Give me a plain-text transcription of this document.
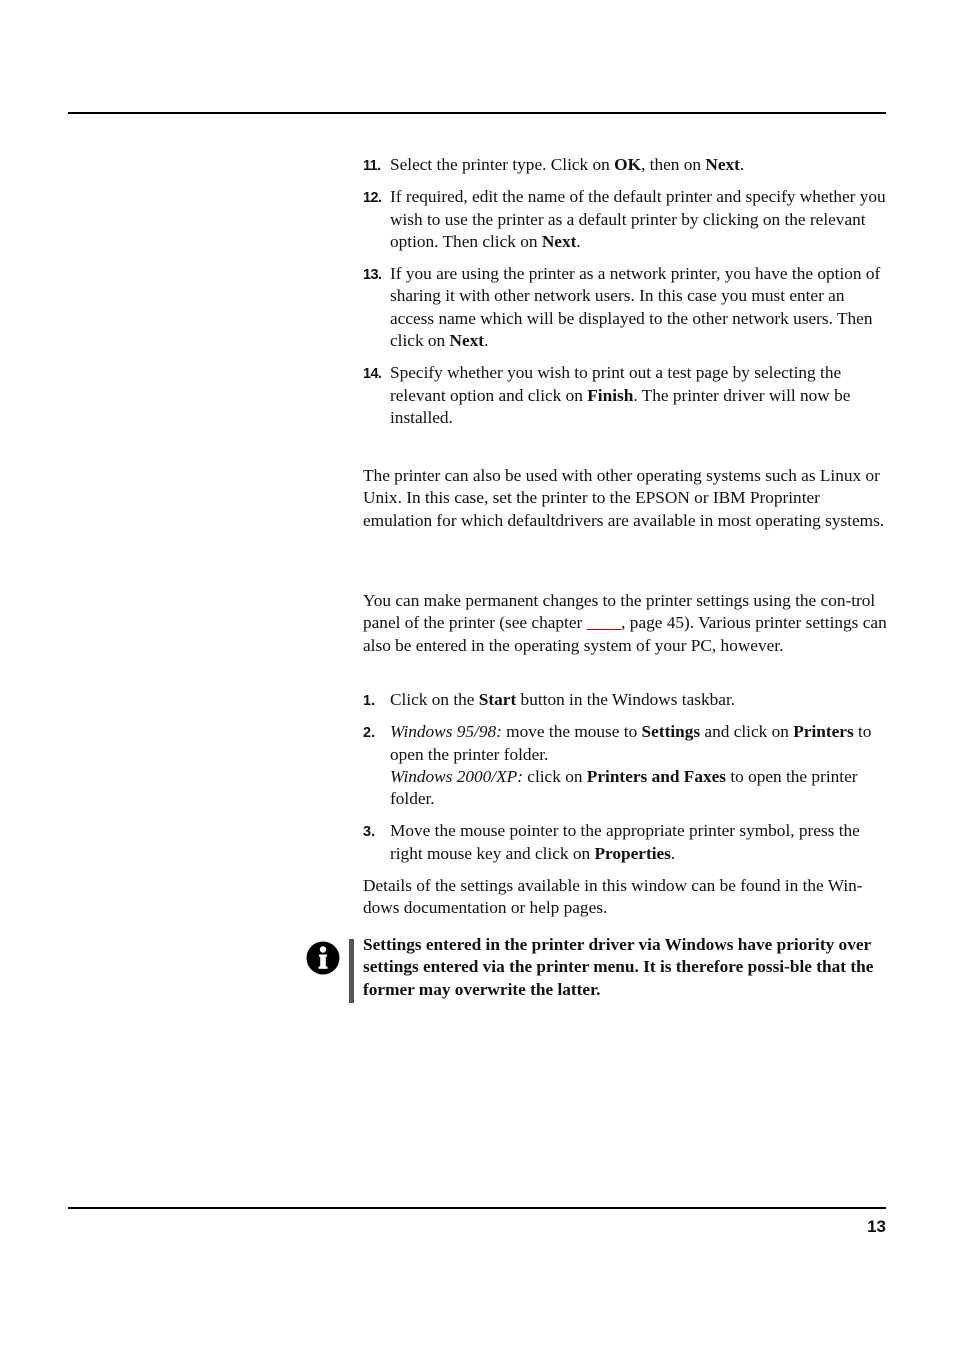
11. Select the printer type. Click on OK, then on Next.
12. If required, edit the name of the default printer and specify whether you wish to use the printer as a default printer by clicking on the relevant option. Then click on Next.
13. If you are using the printer as a network printer, you have the option of sharing it with other network users. In this case you must enter an access name which will be displayed to the other network users. Then click on Next.
14. Specify whether you wish to print out a test page by selecting the relevant option and click on Finish. The printer driver will now be installed.

The printer can also be used with other operating systems such as Linux or Unix. In this case, set the printer to the EPSON or IBM Proprinter emulation for which defaultdrivers are available in most operating systems.

You can make permanent changes to the printer settings using the con-trol panel of the printer (see chapter ____, page 45). Various printer settings can also be entered in the operating system of your PC, however.

1. Click on the Start button in the Windows taskbar.
2. Windows 95/98: move the mouse to Settings and click on Printers to open the printer folder.
Windows 2000/XP: click on Printers and Faxes to open the printer folder.
3. Move the mouse pointer to the appropriate printer symbol, press the right mouse key and click on Properties.

Details of the settings available in this window can be found in the Win-dows documentation or help pages.

Settings entered in the printer driver via Windows have priority over settings entered via the printer menu. It is therefore possi-ble that the former may overwrite the latter.
13
